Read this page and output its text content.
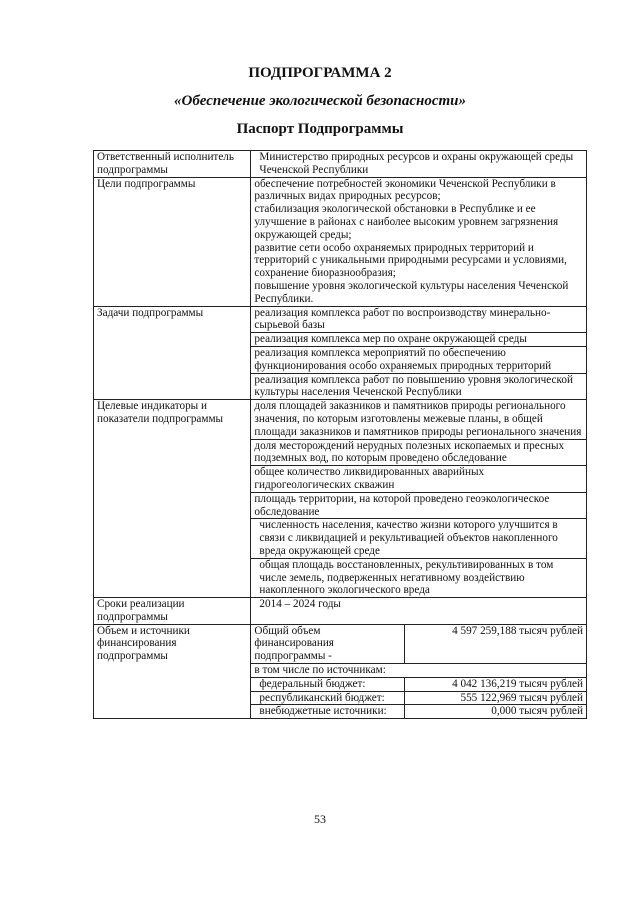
ПОДПРОГРАММА 2
«Обеспечение экологической безопасности»
Паспорт Подпрограммы
Ответственный исполнитель подпрограммы	Министерство природных ресурсов и охраны окружающей среды Чеченской Республики	
Цели подпрограммы	обеспечение потребностей экономики Чеченской Республики в различных видах природных ресурсов;
стабилизация экологической обстановки в Республике и ее улучшение в районах с наиболее высоким уровнем загрязнения окружающей среды;
развитие сети особо охраняемых природных территорий и территорий с уникальными природными ресурсами и условиями, сохранение биоразнообразия;
повышение уровня экологической культуры населения Чеченской Республики.	

Задачи подпрограммы	реализация комплекса работ по воспроизводству минерально-сырьевой базы	
	реализация комплекса мер по охране окружающей среды	
	реализация комплекса мероприятий по обеспечению функционирования особо охраняемых природных территорий	
	реализация комплекса работ по повышению уровня экологической культуры населения Чеченской Республики	
Целевые индикаторы и показатели подпрограммы	доля площадей заказников и памятников природы регионального значения, по которым изготовлены межевые планы, в общей площади заказников и памятников природы регионального значения	
	доля месторождений нерудных полезных ископаемых и пресных подземных вод, по которым проведено обследование	
	общее количество ликвидированных аварийных гидрогеологических скважин	
	площадь территории, на которой проведено геоэкологическое обследование	
	численность населения, качество жизни которого улучшится в связи с ликвидацией и рекультивацией объектов накопленного вреда окружающей среде	
	общая площадь восстановленных, рекультивированных в том числе земель, подверженных негативному воздействию накопленного экологического вреда	
Сроки реализации подпрограммы	2014 – 2024 годы	
Объем и источники финансирования подпрограммы	Общий объем финансирования подпрограммы -	4 597 259,188 тысяч рублей
	в том числе по источникам:	
	федеральный бюджет:	4 042 136,219 тысяч рублей
	республиканский бюджет:	555 122,969 тысяч рублей
	внебюджетные источники:	0,000 тысяч рублей
53
